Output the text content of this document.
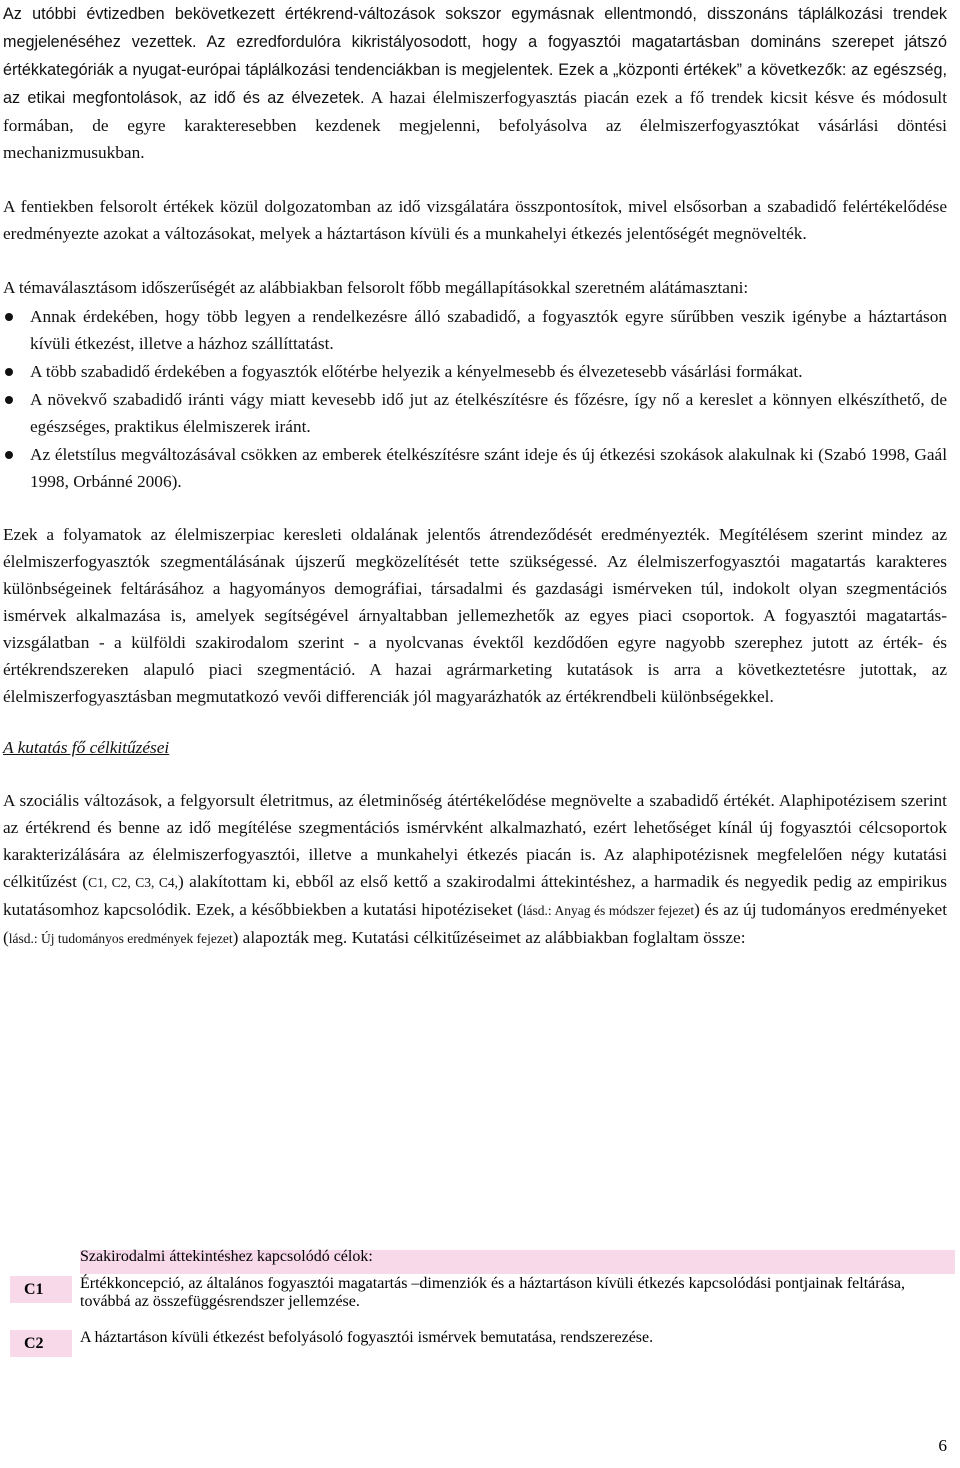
Az utóbbi évtizedben bekövetkezett értékrend-változások sokszor egymásnak ellentmondó, disszonáns táplálkozási trendek megjelenéséhez vezettek. Az ezredfordulóra kikristályosodott, hogy a fogyasztói magatartásban domináns szerepet játszó értékkategóriák a nyugat-európai táplálkozási tendenciákban is megjelentek. Ezek a „központi értékek” a következők: az egészség, az etikai megfontolások, az idő és az élvezetek. A hazai élelmiszerfogyasztás piacán ezek a fő trendek kicsit késve és módosult formában, de egyre karakteresebben kezdenek megjelenni, befolyásolva az élelmiszerfogyasztókat vásárlási döntési mechanizmusukban.

A fentiekben felsorolt értékek közül dolgozatomban az idő vizsgálatára összpontosítok, mivel elsősorban a szabadidő felértékelődése eredményezte azokat a változásokat, melyek a háztartáson kívüli és a munkahelyi étkezés jelentőségét megnövelték.

A témaválasztásom időszerűségét az alábbiakban felsorolt főbb megállapításokkal szeretném alátámasztani:

Annak érdekében, hogy több legyen a rendelkezésre álló szabadidő, a fogyasztók egyre sűrűbben veszik igénybe a háztartáson kívüli étkezést, illetve a házhoz szállíttatást.
A több szabadidő érdekében a fogyasztók előtérbe helyezik a kényelmesebb és élvezetesebb vásárlási formákat.
A növekvő szabadidő iránti vágy miatt kevesebb idő jut az ételkészítésre és főzésre, így nő a kereslet a könnyen elkészíthető, de egészséges, praktikus élelmiszerek iránt.
Az életstílus megváltozásával csökken az emberek ételkészítésre szánt ideje és új étkezési szokások alakulnak ki (Szabó 1998, Gaál 1998, Orbánné 2006).

Ezek a folyamatok az élelmiszerpiac keresleti oldalának jelentős átrendeződését eredményezték. Megítélésem szerint mindez az élelmiszerfogyasztók szegmentálásának újszerű megközelítését tette szükségessé. Az élelmiszerfogyasztói magatartás karakteres különbségeinek feltárásához a hagyományos demográfiai, társadalmi és gazdasági ismérveken túl, indokolt olyan szegmentációs ismérvek alkalmazása is, amelyek segítségével árnyaltabban jellemezhetők az egyes piaci csoportok. A fogyasztói magatartás-vizsgálatban - a külföldi szakirodalom szerint - a nyolcvanas évektől kezdődően egyre nagyobb szerephez jutott az érték- és értékrendszereken alapuló piaci szegmentáció. A hazai agrármarketing kutatások is arra a következtetésre jutottak, az élelmiszerfogyasztásban megmutatkozó vevői differenciák jól magyarázhatók az értékrendbeli különbségekkel.

A kutatás fő célkitűzései

A szociális változások, a felgyorsult életritmus, az életminőség átértékelődése megnövelte a szabadidő értékét. Alaphipotézisem szerint az értékrend és benne az idő megítélése szegmentációs ismérvként alkalmazható, ezért lehetőséget kínál új fogyasztói célcsoportok karakterizálására az élelmiszerfogyasztói, illetve a munkahelyi étkezés piacán is. Az alaphipotézisnek megfelelően négy kutatási célkitűzést (C1, C2, C3, C4,) alakítottam ki, ebből az első kettő a szakirodalmi áttekintéshez, a harmadik és negyedik pedig az empirikus kutatásomhoz kapcsolódik. Ezek, a későbbiekben a kutatási hipotéziseket (lásd.: Anyag és módszer fejezet) és az új tudományos eredményeket (lásd.: Új tudományos eredmények fejezet) alapozták meg. Kutatási célkitűzéseimet az alábbiakban foglaltam össze:

Szakirodalmi áttekintéshez kapcsolódó célok:
C1	Értékkoncepció, az általános fogyasztói magatartás –dimenziók és a háztartáson kívüli étkezés kapcsolódási pontjainak feltárása, továbbá az összefüggésrendszer jellemzése.
C2	A háztartáson kívüli étkezést befolyásoló fogyasztói ismérvek bemutatása, rendszerezése.
6
